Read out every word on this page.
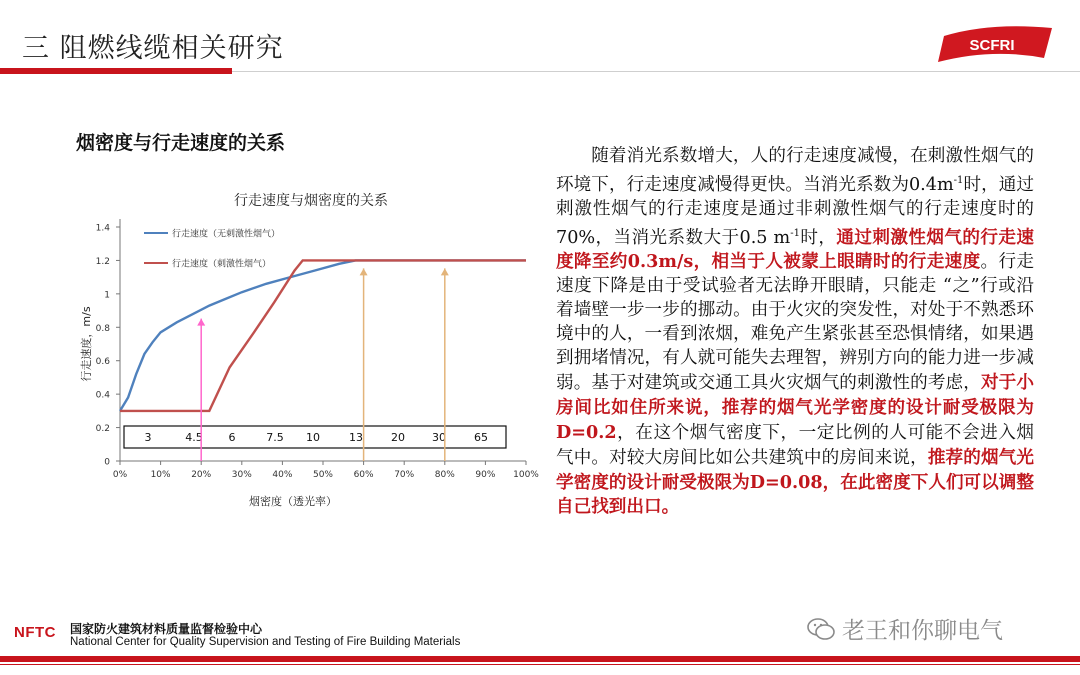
三 阻燃线缆相关研究	SCFRI
烟密度与行走速度的关系
行走速度与烟密度的关系
0
0.2
0.4
0.6
0.8
1
1.2
1.4
0%	10% 20% 30% 40% 50% 60% 70% 80% 90% 100%
烟密度（透光率）
行走速度，m/s
行走速度（无刺激性烟气）
行走速度（刺激性烟气）
3	4.5 6	7.5 10	13	20 30	65

随着消光系数增大，人的行走速度减慢，在刺激性烟气的环境下，行走速度减慢得更快。当消光系数为$0.4m^{-1}$时，通过刺激性烟气的行走速度是通过非刺激性烟气的行走速度时的70%，当消光系数大于0.5 $m^{-1}$时，通过刺激性烟气的行走速度降至约0.3m/s，相当于人被蒙上眼睛时的行走速度。行走速度下降是由于受试验者无法睁开眼睛，只能走 “之”行或沿着墙壁一步一步的挪动。由于火灾的突发性，对处于不熟悉环境中的人，一看到浓烟，难免产生紧张甚至恐惧情绪，如果遇到拥堵情况，有人就可能失去理智，辨别方向的能力进一步减弱。基于对建筑或交通工具火灾烟气的刺激性的考虑，对于小房间比如住所来说，推荐的烟气光学密度的设计耐受极限为D=0.2，在这个烟气密度下，一定比例的人可能不会进入烟气中。对较大房间比如公共建筑中的房间来说，推荐的烟气光学密度的设计耐受极限为D=0.08，在此密度下人们可以调整自己找到出口。

NFTC 国家防火建筑材料质量监督检验中心
National Center for Quality Supervision and Testing of Fire Building Materials	老王和你聊电气
